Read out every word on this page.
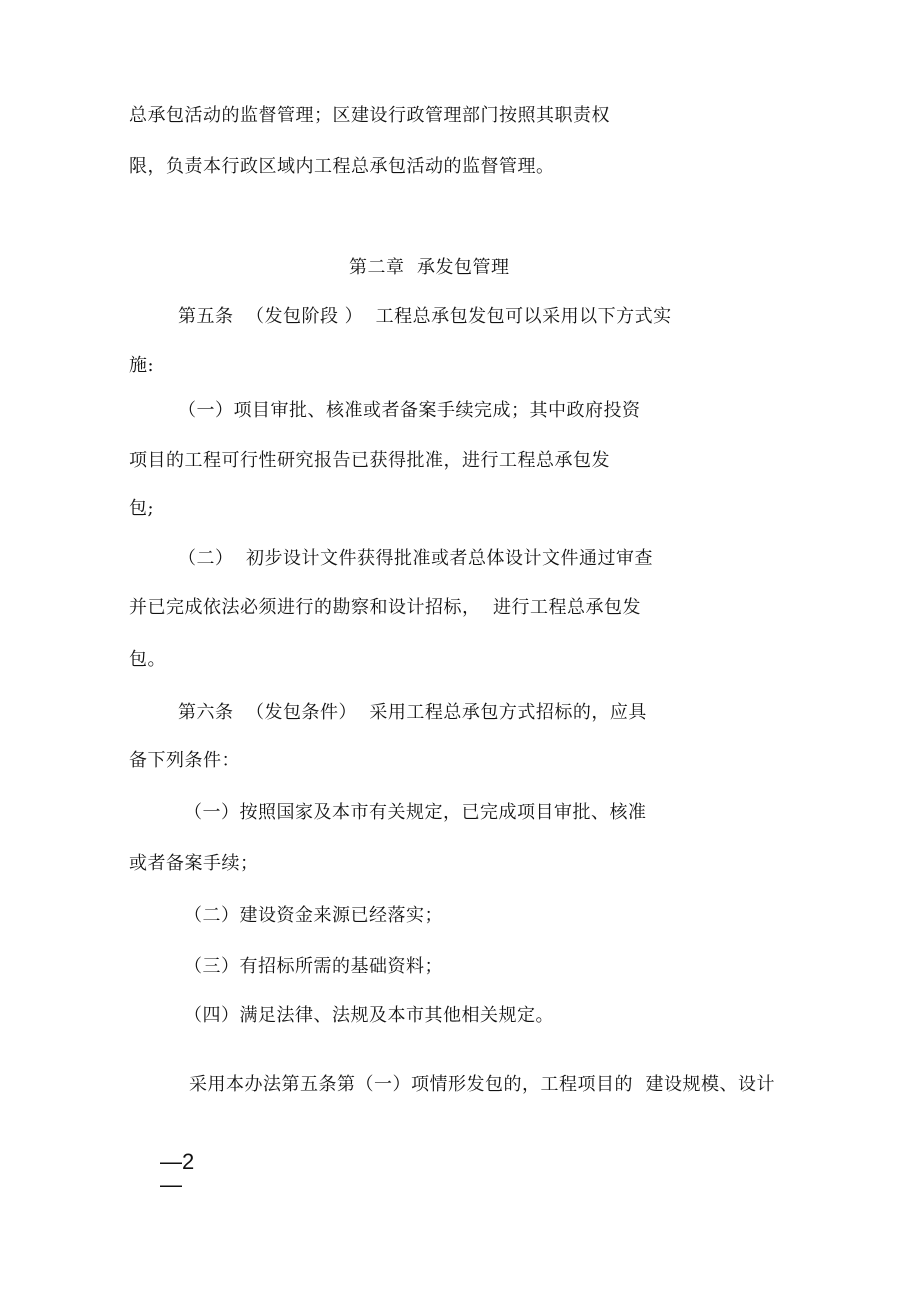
总承包活动的监督管理；区建设行政管理部门按照其职责权
限，负责本行政区域内工程总承包活动的监督管理。
第二章  承发包管理
第五条  （发包阶段 ）  工程总承包发包可以采用以下方式实
施:
（一）项目审批、核准或者备案手续完成；其中政府投资
项目的工程可行性研究报告已获得批准，进行工程总承包发
包;
（二）  初步设计文件获得批准或者总体设计文件通过审查
并已完成依法必须进行的勘察和设计招标，  进行工程总承包发
包。
第六条  （发包条件）  采用工程总承包方式招标的，应具
备下列条件：
（一）按照国家及本市有关规定，已完成项目审批、核准
或者备案手续；
（二）建设资金来源已经落实；
（三）有招标所需的基础资料；
（四）满足法律、法规及本市其他相关规定。
采用本办法第五条第（一）项情形发包的，工程项目的  建设规模、设计
—2
—
